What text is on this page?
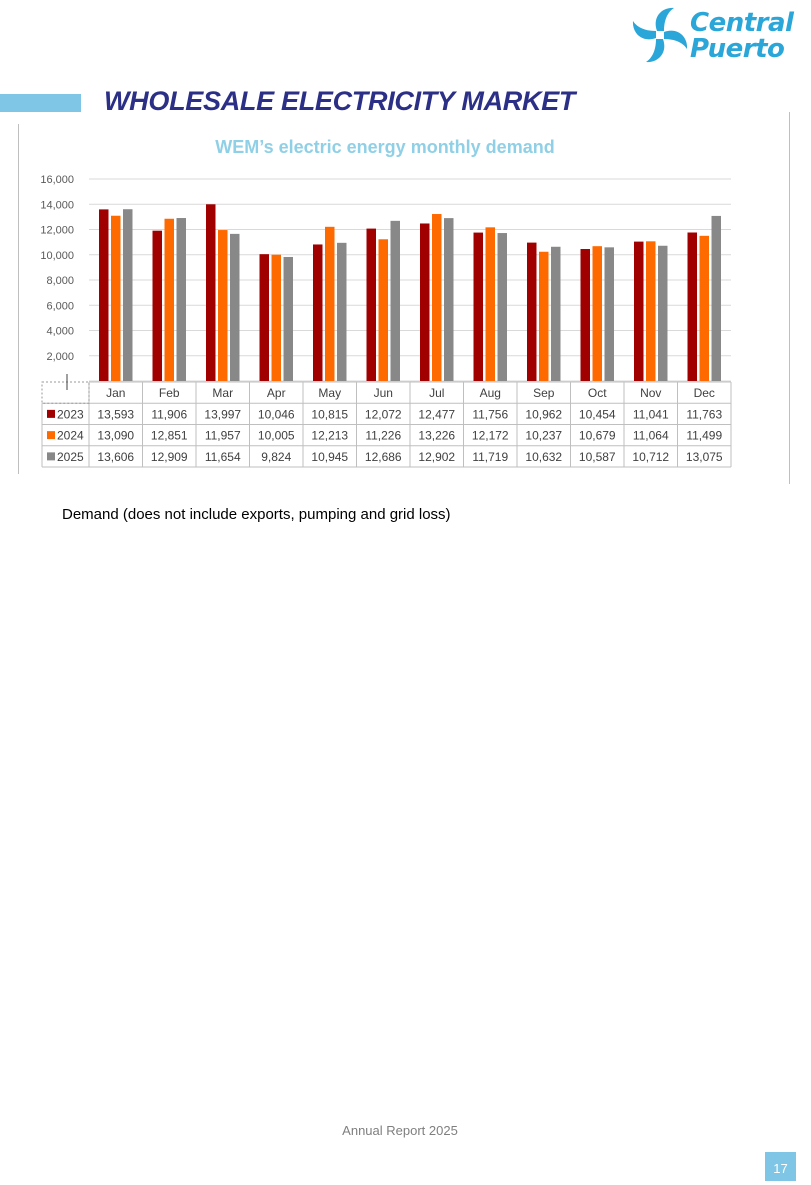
Central
Puerto
WHOLESALE ELECTRICITY MARKET
WEM’s electric energy monthly demand
2,000
4,000
6,000
8,000
10,000
12,000
14,000
16,000
Jan	Feb	Mar	Apr	May	Jun	Jul	Aug	Sep	Oct	Nov	Dec
2023 13,593 11,906 13,997 10,046 10,815 12,072 12,477 11,756 10,962 10,454 11,041 11,763
2024 13,090 12,851 11,957 10,005 12,213 11,226 13,226 12,172 10,237 10,679 11,064 11,499
2025 13,606 12,909 11,654 9,824 10,945 12,686 12,902 11,719 10,632 10,587 10,712 13,075
Demand (does not include exports, pumping and grid loss)
Annual Report 2025
17
